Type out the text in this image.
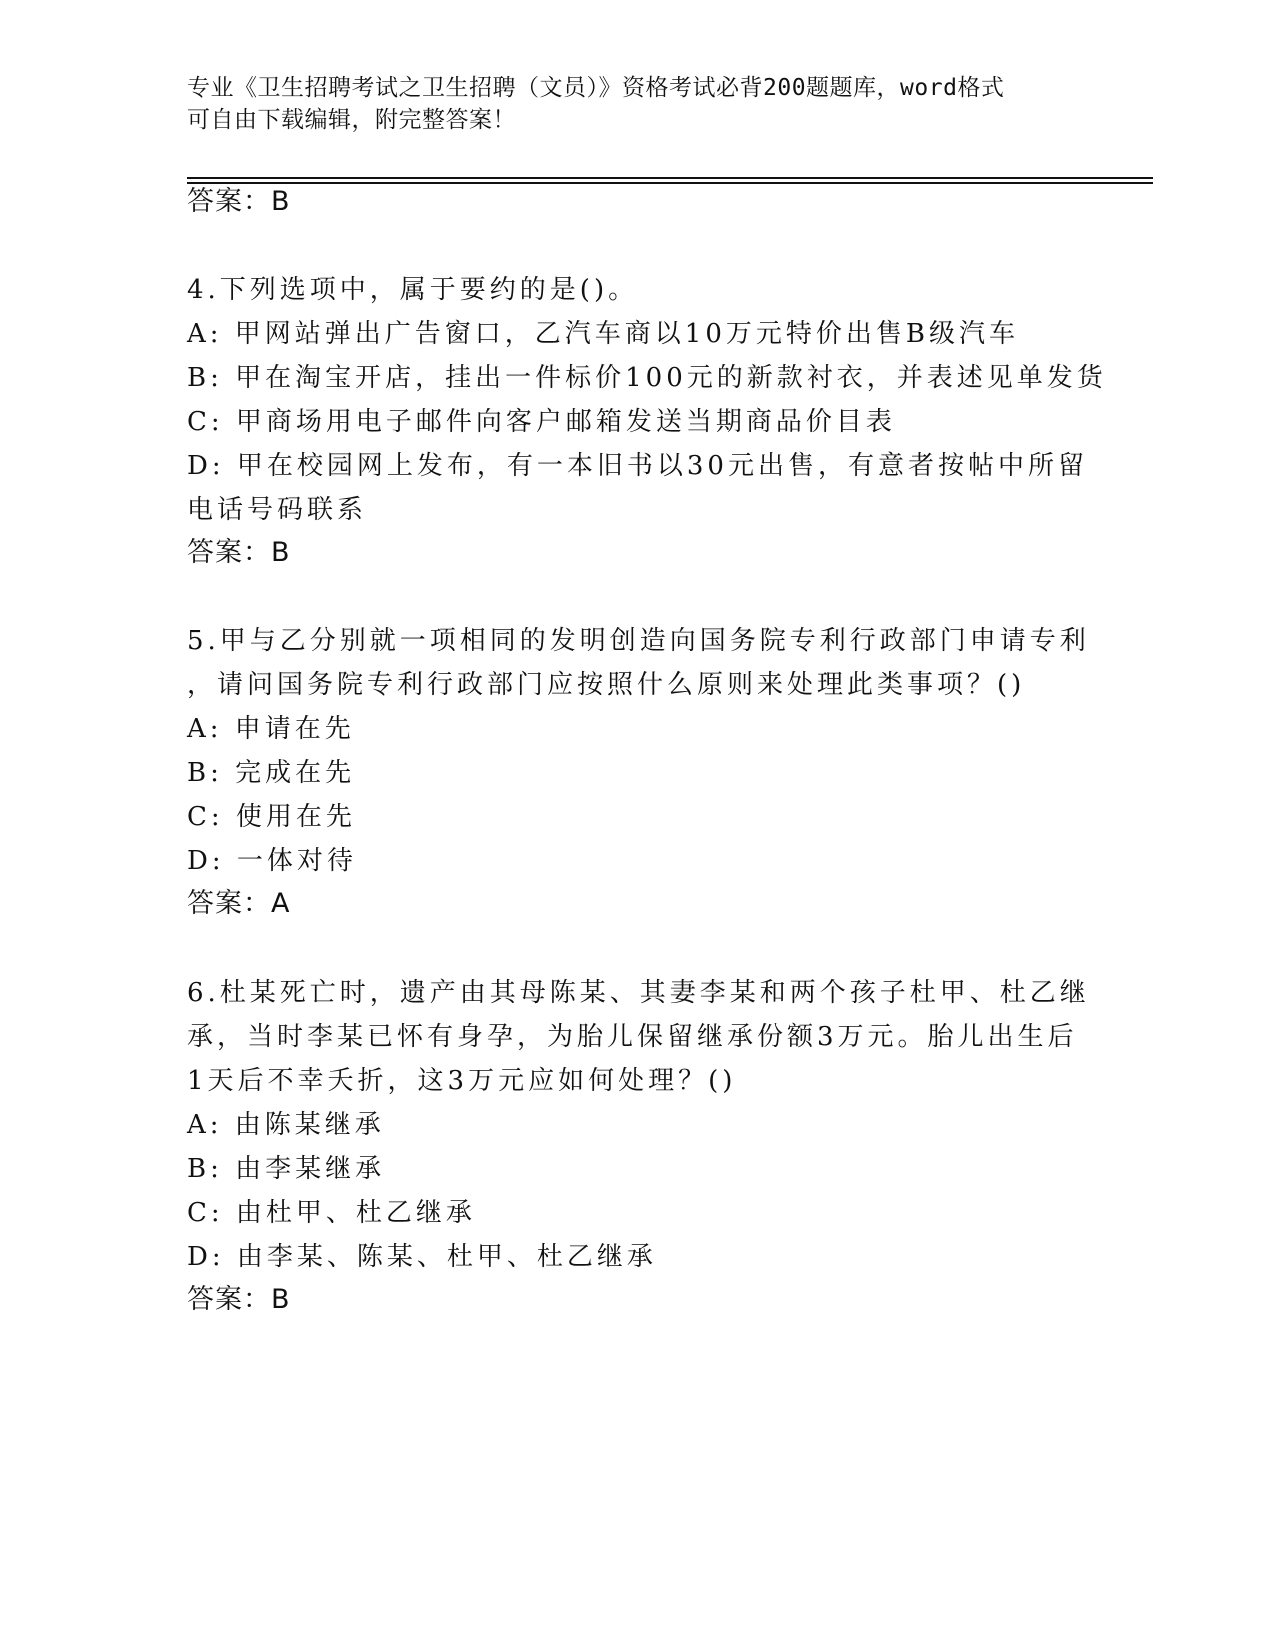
专业《卫生招聘考试之卫生招聘（文员）》资格考试必背200题题库，word格式
可自由下载编辑，附完整答案！
答案：B
4.下列选项中，属于要约的是()。
A: 甲网站弹出广告窗口，乙汽车商以10万元特价出售B级汽车
B: 甲在淘宝开店，挂出一件标价100元的新款衬衣，并表述见单发货
C: 甲商场用电子邮件向客户邮箱发送当期商品价目表
D: 甲在校园网上发布，有一本旧书以30元出售，有意者按帖中所留
电话号码联系
答案：B
5.甲与乙分别就一项相同的发明创造向国务院专利行政部门申请专利
，请问国务院专利行政部门应按照什么原则来处理此类事项？()
A: 申请在先
B: 完成在先
C: 使用在先
D: 一体对待
答案：A
6.杜某死亡时，遗产由其母陈某、其妻李某和两个孩子杜甲、杜乙继
承，当时李某已怀有身孕，为胎儿保留继承份额3万元。胎儿出生后
1天后不幸夭折，这3万元应如何处理？()
A: 由陈某继承
B: 由李某继承
C: 由杜甲、杜乙继承
D: 由李某、陈某、杜甲、杜乙继承
答案：B
